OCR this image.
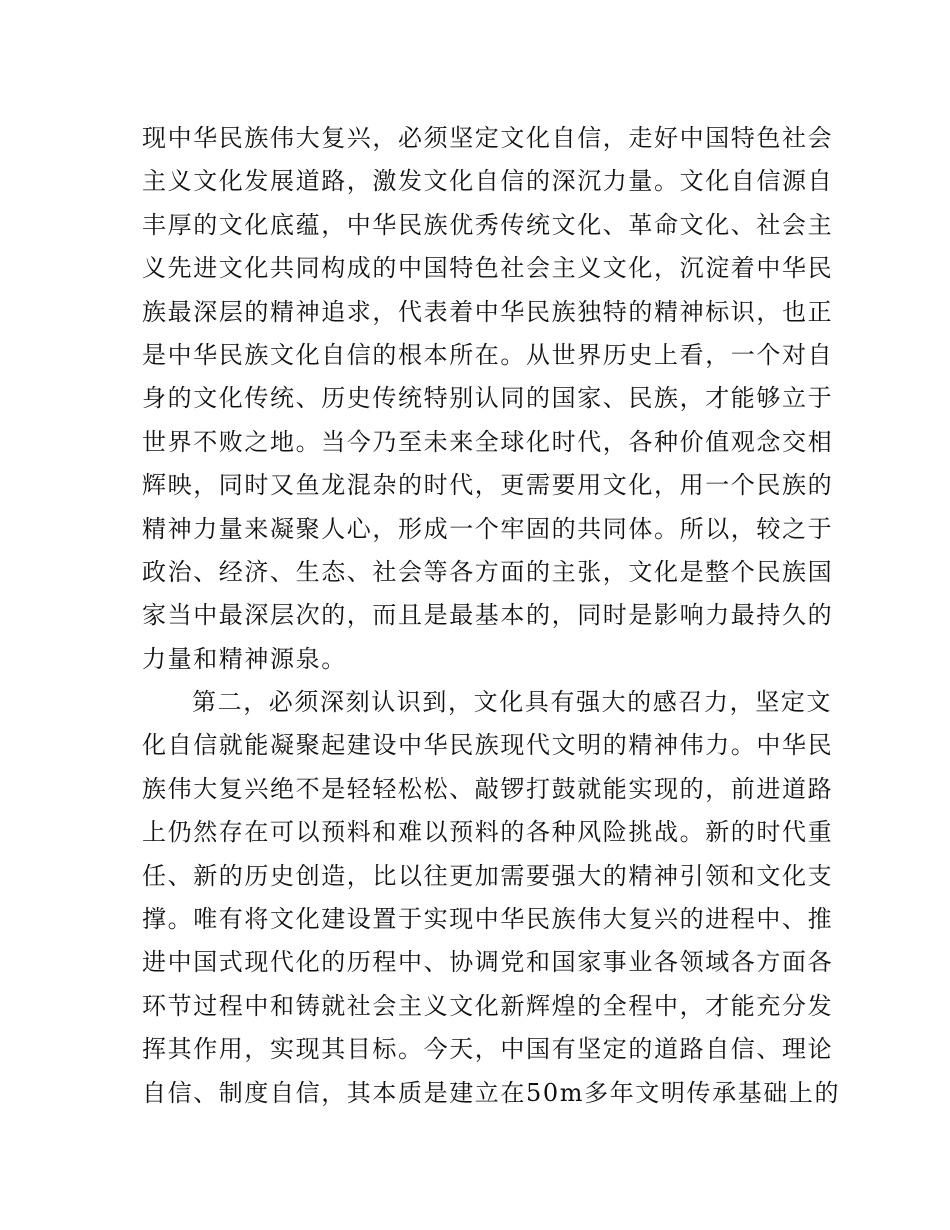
现中华民族伟大复兴，必须坚定文化自信，走好中国特色社会
主义文化发展道路，激发文化自信的深沉力量。文化自信源自
丰厚的文化底蕴，中华民族优秀传统文化、革命文化、社会主
义先进文化共同构成的中国特色社会主义文化，沉淀着中华民
族最深层的精神追求，代表着中华民族独特的精神标识，也正
是中华民族文化自信的根本所在。从世界历史上看，一个对自
身的文化传统、历史传统特别认同的国家、民族，才能够立于
世界不败之地。当今乃至未来全球化时代，各种价值观念交相
辉映，同时又鱼龙混杂的时代，更需要用文化，用一个民族的
精神力量来凝聚人心，形成一个牢固的共同体。所以，较之于
政治、经济、生态、社会等各方面的主张，文化是整个民族国
家当中最深层次的，而且是最基本的，同时是影响力最持久的
力量和精神源泉。
第二，必须深刻认识到，文化具有强大的感召力，坚定文
化自信就能凝聚起建设中华民族现代文明的精神伟力。中华民
族伟大复兴绝不是轻轻松松、敲锣打鼓就能实现的，前进道路
上仍然存在可以预料和难以预料的各种风险挑战。新的时代重
任、新的历史创造，比以往更加需要强大的精神引领和文化支
撑。唯有将文化建设置于实现中华民族伟大复兴的进程中、推
进中国式现代化的历程中、协调党和国家事业各领域各方面各
环节过程中和铸就社会主义文化新辉煌的全程中，才能充分发
挥其作用，实现其目标。今天，中国有坚定的道路自信、理论
自信、制度自信，其本质是建立在50m多年文明传承基础上的
